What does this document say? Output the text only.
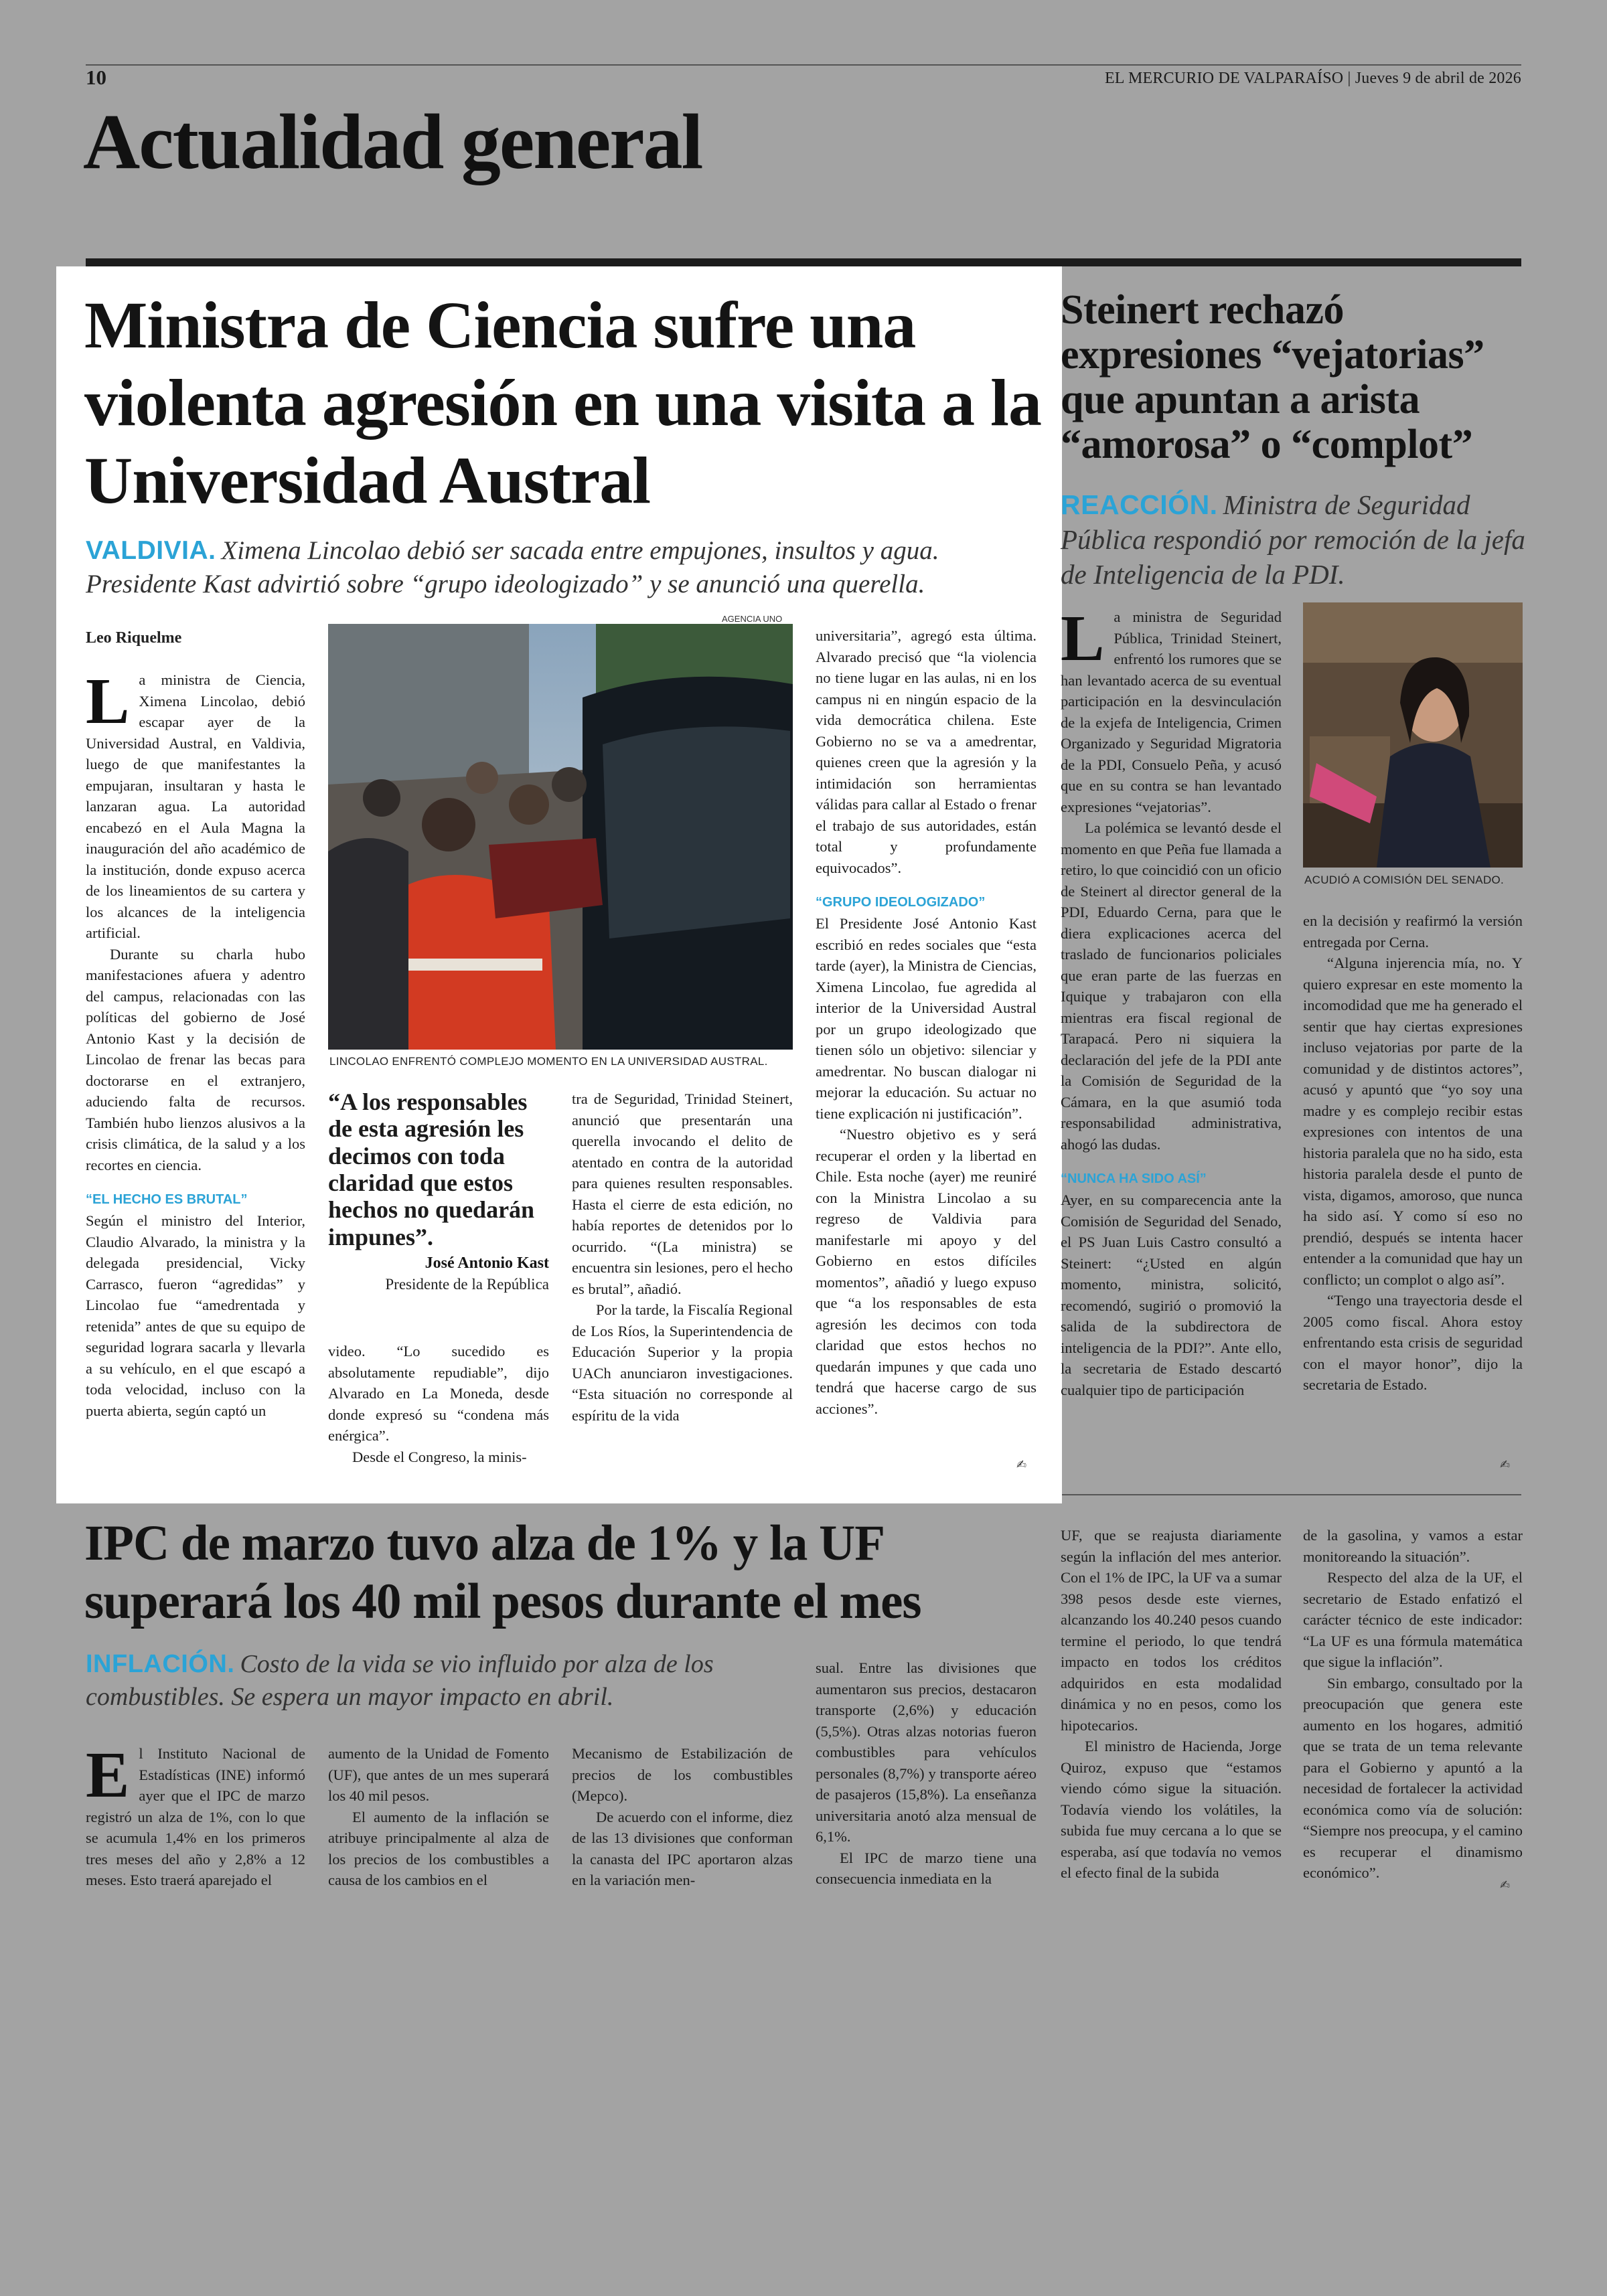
10	EL MERCURIO DE VALPARAÍSO | Jueves 9 de abril de 2026
Actualidad general
Ministra de Ciencia sufre una violenta agresión en una visita a la Universidad Austral
VALDIVIA. Ximena Lincolao debió ser sacada entre empujones, insultos y agua. Presidente Kast advirtió sobre “grupo ideologizado” y se anunció una querella.
Leo Riquelme
L a ministra de Ciencia, Ximena Lincolao, debió escapar ayer de la Universidad Austral, en Valdivia, luego de que manifestantes la empujaran, insultaran y hasta le lanzaran agua. La autoridad encabezó en el Aula Magna la inauguración del año académico de la institución, donde expuso acerca de los lineamientos de su cartera y los alcances de la inteligencia artificial.

Durante su charla hubo manifestaciones afuera y adentro del campus, relacionadas con las políticas del gobierno de José Antonio Kast y la decisión de Lincolao de frenar las becas para doctorarse en el extranjero, aduciendo falta de recursos. También hubo lienzos alusivos a la crisis climática, de la salud y a los recortes en ciencia.

“EL HECHO ES BRUTAL”

Según el ministro del Interior, Claudio Alvarado, la ministra y la delegada presidencial, Vicky Carrasco, fueron “agredidas” y Lincolao fue “amedrentada y retenida” antes de que su equipo de seguridad lograra sacarla y llevarla a su vehículo, en el que escapó a toda velocidad, incluso con la puerta abierta, según captó un

AGENCIA UNO
LINCOLAO ENFRENTÓ COMPLEJO MOMENTO EN LA UNIVERSIDAD AUSTRAL.
“A los responsables de esta agresión les decimos con toda claridad que estos hechos no quedarán impunes”.
José Antonio Kast
Presidente de la República

video. “Lo sucedido es absolutamente repudiable”, dijo Alvarado en La Moneda, desde donde expresó su “condena más enérgica”.

Desde el Congreso, la minis-

tra de Seguridad, Trinidad Steinert, anunció que presentarán una querella invocando el delito de atentado en contra de la autoridad para quienes resulten responsables. Hasta el cierre de esta edición, no había reportes de detenidos por lo ocurrido. “(La ministra) se encuentra sin lesiones, pero el hecho es brutal”, añadió.

Por la tarde, la Fiscalía Regional de Los Ríos, la Superintendencia de Educación Superior y la propia UACh anunciaron investigaciones. “Esta situación no corresponde al espíritu de la vida

universitaria”, agregó esta última. Alvarado precisó que “la violencia no tiene lugar en las aulas, ni en los campus ni en ningún espacio de la vida democrática chilena. Este Gobierno no se va a amedrentar, quienes creen que la agresión y la intimidación son herramientas válidas para callar al Estado o frenar el trabajo de sus autoridades, están total y profundamente equivocados”.

“GRUPO IDEOLOGIZADO”

El Presidente José Antonio Kast escribió en redes sociales que “esta tarde (ayer), la Ministra de Ciencias, Ximena Lincolao, fue agredida al interior de la Universidad Austral por un grupo ideologizado que tienen sólo un objetivo: silenciar y amedrentar. No buscan dialogar ni mejorar la educación. Su actuar no tiene explicación ni justificación”.

“Nuestro objetivo es y será recuperar el orden y la libertad en Chile. Esta noche (ayer) me reuniré con la Ministra Lincolao a su regreso de Valdivia para manifestarle mi apoyo y del Gobierno en estos difíciles momentos”, añadió y luego expuso que “a los responsables de esta agresión les decimos con toda claridad que estos hechos no quedarán impunes y que cada uno tendrá que hacerse cargo de sus acciones”.

✍
Steinert rechazó expresiones “vejatorias” que apuntan a arista “amorosa” o “complot”
REACCIÓN. Ministra de Seguridad Pública respondió por remoción de la jefa de Inteligencia de la PDI.
L a ministra de Seguridad Pública, Trinidad Steinert, enfrentó los rumores que se han levantado acerca de su eventual participación en la desvinculación de la exjefa de Inteligencia, Crimen Organizado y Seguridad Migratoria de la PDI, Consuelo Peña, y acusó que en su contra se han levantado expresiones “vejatorias”.

La polémica se levantó desde el momento en que Peña fue llamada a retiro, lo que coincidió con un oficio de Steinert al director general de la PDI, Eduardo Cerna, para que le diera explicaciones acerca del traslado de funcionarios policiales que eran parte de las fuerzas en Iquique y trabajaron con ella mientras era fiscal regional de Tarapacá. Pero ni siquiera la declaración del jefe de la PDI ante la Comisión de Seguridad de la Cámara, en la que asumió toda responsabilidad administrativa, ahogó las dudas.

“NUNCA HA SIDO ASÍ”

Ayer, en su comparecencia ante la Comisión de Seguridad del Senado, el PS Juan Luis Castro consultó a Steinert: “¿Usted en algún momento, ministra, solicitó, recomendó, sugirió o promovió la salida de la subdirectora de inteligencia de la PDI?”. Ante ello, la secretaria de Estado descartó cualquier tipo de participación

ACUDIÓ A COMISIÓN DEL SENADO.

en la decisión y reafirmó la versión entregada por Cerna.

“Alguna injerencia mía, no. Y quiero expresar en este momento la incomodidad que me ha generado el sentir que hay ciertas expresiones incluso vejatorias por parte de la comunidad y de distintos actores”, acusó y apuntó que “yo soy una madre y es complejo recibir estas expresiones con intentos de una historia paralela que no ha sido, esta historia paralela desde el punto de vista, digamos, amoroso, que nunca ha sido así. Y como sí eso no prendió, después se intenta hacer entender a la comunidad que hay un conflicto; un complot o algo así”.

“Tengo una trayectoria desde el 2005 como fiscal. Ahora estoy enfrentando esta crisis de seguridad con el mayor honor”, dijo la secretaria de Estado.

✍
IPC de marzo tuvo alza de 1% y la UF superará los 40 mil pesos durante el mes
INFLACIÓN. Costo de la vida se vio influido por alza de los combustibles. Se espera un mayor impacto en abril.
E l Instituto Nacional de Estadísticas (INE) informó ayer que el IPC de marzo registró un alza de 1%, con lo que se acumula 1,4% en los primeros tres meses del año y 2,8% a 12 meses. Esto traerá aparejado el

aumento de la Unidad de Fomento (UF), que antes de un mes superará los 40 mil pesos.

El aumento de la inflación se atribuye principalmente al alza de los precios de los combustibles a causa de los cambios en el

Mecanismo de Estabilización de precios de los combustibles (Mepco).

De acuerdo con el informe, diez de las 13 divisiones que conforman la canasta del IPC aportaron alzas en la variación men-

sual. Entre las divisiones que aumentaron sus precios, destacaron transporte (2,6%) y educación (5,5%). Otras alzas notorias fueron combustibles para vehículos personales (8,7%) y transporte aéreo de pasajeros (15,8%). La enseñanza universitaria anotó alza mensual de 6,1%.

El IPC de marzo tiene una consecuencia inmediata en la

UF, que se reajusta diariamente según la inflación del mes anterior. Con el 1% de IPC, la UF va a sumar 398 pesos desde este viernes, alcanzando los 40.240 pesos cuando termine el periodo, lo que tendrá impacto en todos los créditos adquiridos en esta modalidad dinámica y no en pesos, como los hipotecarios.

El ministro de Hacienda, Jorge Quiroz, expuso que “estamos viendo cómo sigue la situación. Todavía viendo los volátiles, la subida fue muy cercana a lo que se esperaba, así que todavía no vemos el efecto final de la subida

de la gasolina, y vamos a estar monitoreando la situación”.

Respecto del alza de la UF, el secretario de Estado enfatizó el carácter técnico de este indicador: “La UF es una fórmula matemática que sigue la inflación”.

Sin embargo, consultado por la preocupación que genera este aumento en los hogares, admitió que se trata de un tema relevante para el Gobierno y apuntó a la necesidad de fortalecer la actividad económica como vía de solución: “Siempre nos preocupa, y el camino es recuperar el dinamismo económico”.

✍
